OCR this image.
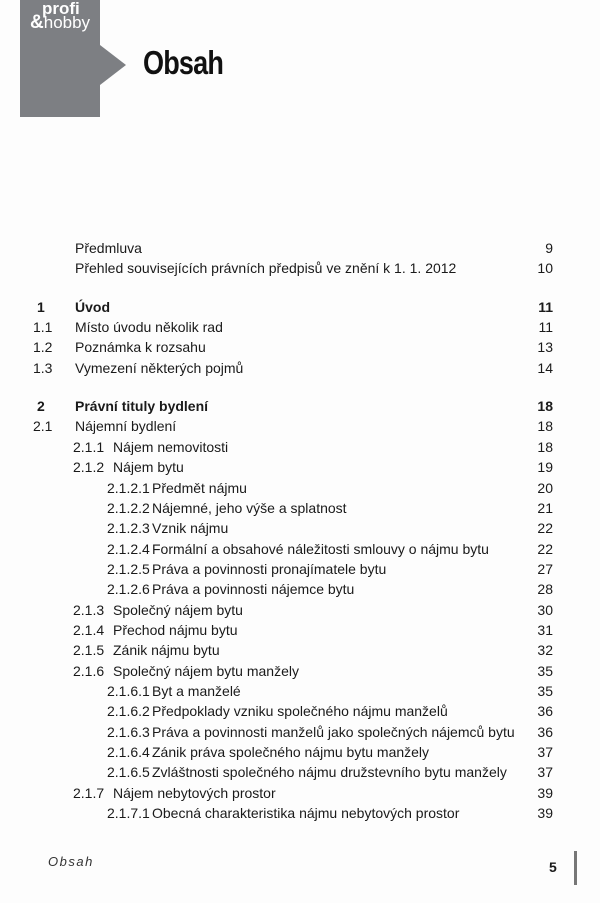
profi
&hobby
Obsah
Předmluva	9
Přehled souvisejících právních předpisů ve znění k 1. 1. 2012	10
1 Úvod	11
1.1 Místo úvodu několik rad	11
1.2 Poznámka k rozsahu	13
1.3 Vymezení některých pojmů	14
2 Právní tituly bydlení	18
2.1 Nájemní bydlení	18
2.1.1 Nájem nemovitosti	18
2.1.2 Nájem bytu	19
2.1.2.1 Předmět nájmu	20
2.1.2.2 Nájemné, jeho výše a splatnost	21
2.1.2.3 Vznik nájmu	22
2.1.2.4 Formální a obsahové náležitosti smlouvy o nájmu bytu	22
2.1.2.5 Práva a povinnosti pronajímatele bytu	27
2.1.2.6 Práva a povinnosti nájemce bytu	28
2.1.3 Společný nájem bytu	30
2.1.4 Přechod nájmu bytu	31
2.1.5 Zánik nájmu bytu	32
2.1.6 Společný nájem bytu manžely	35
2.1.6.1 Byt a manželé	35
2.1.6.2 Předpoklady vzniku společného nájmu manželů	36
2.1.6.3 Práva a povinnosti manželů jako společných nájemců bytu 36
2.1.6.4 Zánik práva společného nájmu bytu manžely	37
2.1.6.5 Zvláštnosti společného nájmu družstevního bytu manžely 37
2.1.7 Nájem nebytových prostor	39
2.1.7.1 Obecná charakteristika nájmu nebytových prostor	39
Obsah	5
